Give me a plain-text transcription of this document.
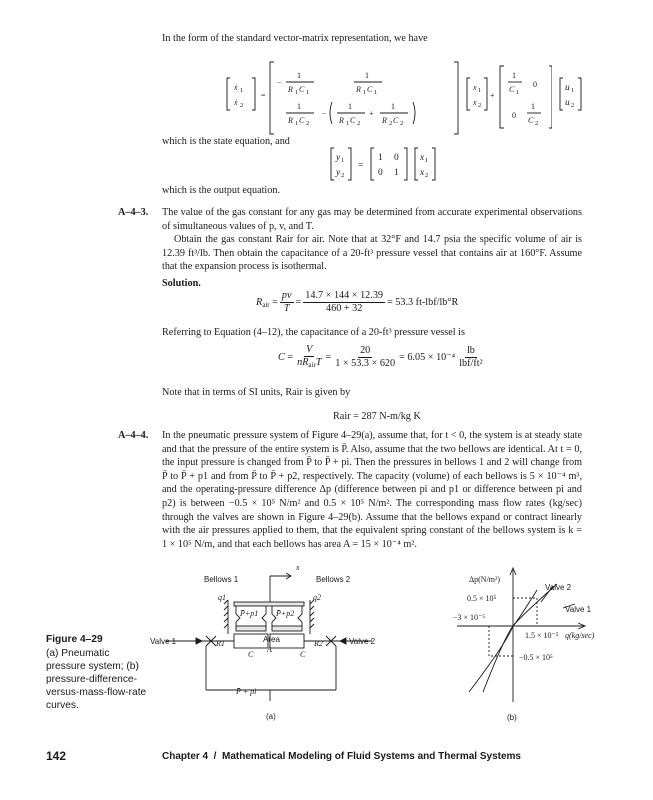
In the form of the standard vector-matrix representation, we have
ẋ 1
ẋ 2
=
−
1
R 1 C 1
1
R 1 C 1
1
R 1 C 2
−
1
R 1 C 2
+
1
R 2 C 2
x 1
x 2
+
1
C 1
0
0
1
C 2
u 1
u 2
which is the state equation, and
y 1
y 2
=
1 0
0 1
x 1
x 2
which is the output equation.
A–4–3. The value of the gas constant for any gas may be determined from accurate experimental observations of simultaneous values of p, v, and T.
Obtain the gas constant Rair for air. Note that at 32°F and 14.7 psia the specific volume of air is 12.39 ft³/lb. Then obtain the capacitance of a 20-ft³ pressure vessel that contains air at 160°F. Assume that the expansion process is isothermal.
Solution.
$R_{air} = \frac{pv}{T} = \frac{14.7 \times 144 \times 12.39}{460 + 32} = 53.3$ ft-lbf/lb°R
Referring to Equation (4–12), the capacitance of a 20-ft³ pressure vessel is
C =
V
$nR_{air}T = \frac{20}{1 \times 53.3 \times 620} = 6.05 \times 10^{-4}$
lb
lbf/ft²
Note that in terms of SI units, Rair is given by
Rair = 287 N-m/kg K
A–4–4. In the pneumatic pressure system of Figure 4–29(a), assume that, for t < 0, the system is at steady state and that the pressure of the entire system is P̄. Also, assume that the two bellows are identical. At t = 0, the input pressure is changed from P̄ to P̄ + pi. Then the pressures in bellows 1 and 2 will change from P̄ to P̄ + p1 and from P̄ to P̄ + p2, respectively. The capacity (volume) of each bellows is 5 × 10⁻⁴ m³, and the operating-pressure difference Δp (difference between pi and p1 or difference between pi and p2) is between −0.5 × 10⁵ N/m² and 0.5 × 10⁵ N/m². The corresponding mass flow rates (kg/sec) through the valves are shown in Figure 4–29(b). Assume that the bellows expand or contract linearly with the air pressures applied to them, that the equivalent spring constant of the bellows system is k = 1 × 10⁵ N/m, and that each bellows has area A = 15 × 10⁻⁴ m².
Figure 4–29
(a) Pneumatic pressure system; (b) pressure-difference-versus-mass-flow-rate curves.
Bellows 1	Bellows 2
x
q1	q2
P̄+p1 P̄+p2
Area
A
C	C
R1	R2
Valve 1	Valve 2
P̄ + pi
(a)
Δp(N/m²)
Valve 2
Valve 1
0.5 × 10⁵
−3 × 10⁻⁵
1.5 × 10⁻⁵ q(kg/sec)
−0.5 × 10⁵
(b)
142	Chapter 4  /  Mathematical Modeling of Fluid Systems and Thermal Systems
